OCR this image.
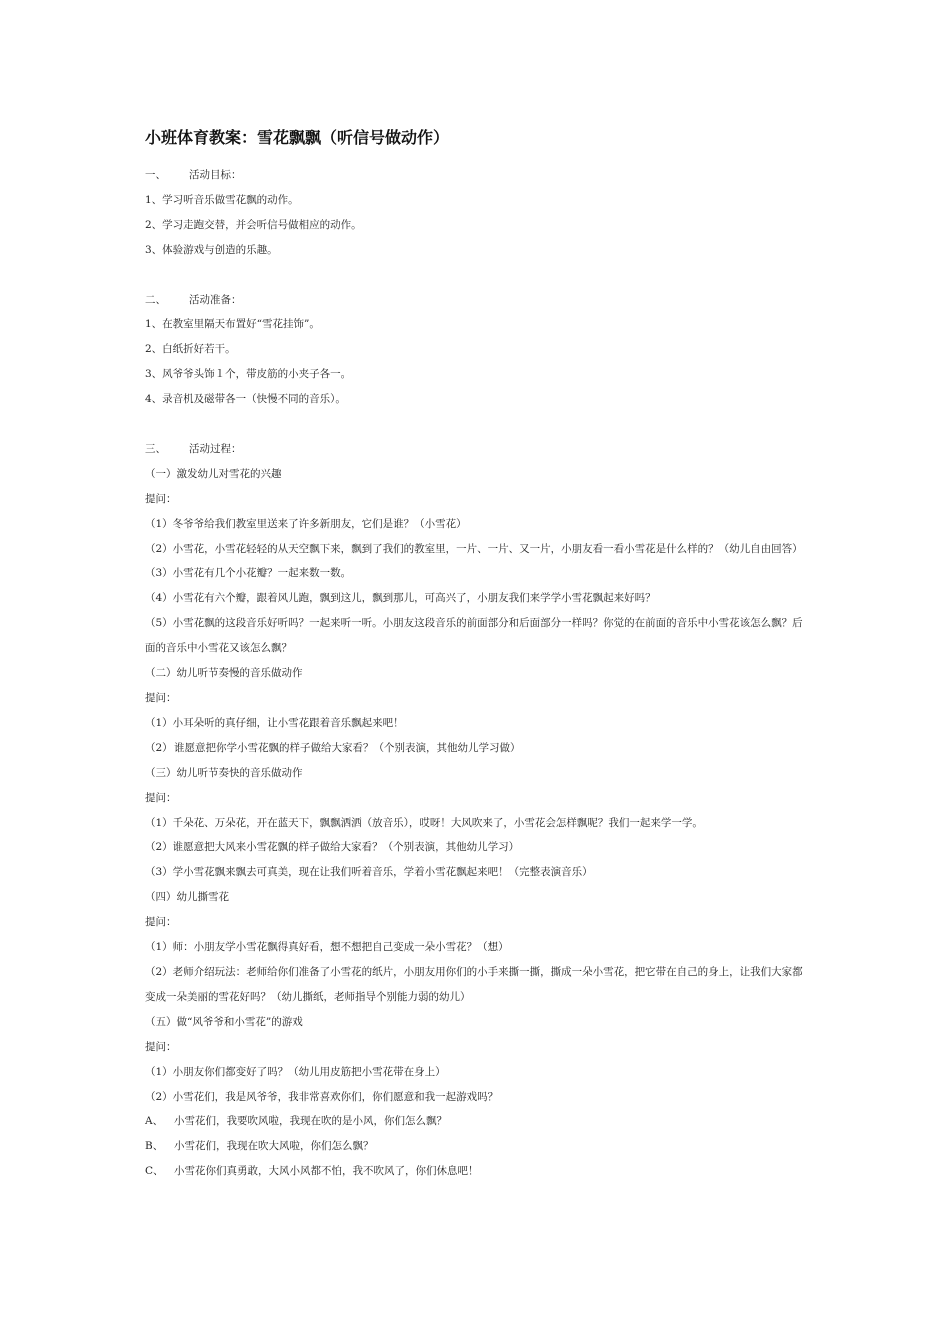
小班体育教案：雪花飘飘（听信号做动作）

一、 活动目标：

1、学习听音乐做雪花飘的动作。

2、学习走跑交替，并会听信号做相应的动作。

3、体验游戏与创造的乐趣。

二、 活动准备：

1、在教室里隔天布置好“雪花挂饰”。

2、白纸折好若干。

3、风爷爷头饰１个，带皮筋的小夹子各一。

4、录音机及磁带各一（快慢不同的音乐）。

三、 活动过程：

（一）激发幼儿对雪花的兴趣

提问：

（1）冬爷爷给我们教室里送来了许多新朋友，它们是谁？（小雪花）

（2）小雪花，小雪花轻轻的从天空飘下来，飘到了我们的教室里，一片、一片、又一片，小朋友看一看小雪花是什么样的？（幼儿自由回答）

（3）小雪花有几个小花瓣？一起来数一数。

（4）小雪花有六个瓣，跟着风儿跑，飘到这儿，飘到那儿，可高兴了，小朋友我们来学学小雪花飘起来好吗？

（5）小雪花飘的这段音乐好听吗？一起来听一听。小朋友这段音乐的前面部分和后面部分一样吗？你觉的在前面的音乐中小雪花该怎么飘？后面的音乐中小雪花又该怎么飘？

（二）幼儿听节奏慢的音乐做动作

提问：

（1）小耳朵听的真仔细，让小雪花跟着音乐飘起来吧！

（2）谁愿意把你学小雪花飘的样子做给大家看？（个别表演，其他幼儿学习做）

（三）幼儿听节奏快的音乐做动作

提问：

（1）千朵花、万朵花，开在蓝天下，飘飘洒洒（放音乐），哎呀！大风吹来了，小雪花会怎样飘呢？我们一起来学一学。

（2）谁愿意把大风来小雪花飘的样子做给大家看？（个别表演，其他幼儿学习）

（3）学小雪花飘来飘去可真美，现在让我们听着音乐，学着小雪花飘起来吧！（完整表演音乐）

（四）幼儿撕雪花

提问：

（1）师：小朋友学小雪花飘得真好看，想不想把自己变成一朵小雪花？（想）

（2）老师介绍玩法：老师给你们准备了小雪花的纸片，小朋友用你们的小手来撕一撕，撕成一朵小雪花，把它带在自己的身上，让我们大家都变成一朵美丽的雪花好吗？（幼儿撕纸，老师指导个别能力弱的幼儿）

（五）做“风爷爷和小雪花”的游戏

提问：

（1）小朋友你们都变好了吗？（幼儿用皮筋把小雪花带在身上）

（2）小雪花们，我是风爷爷，我非常喜欢你们，你们愿意和我一起游戏吗？

A、 小雪花们，我要吹风啦，我现在吹的是小风，你们怎么飘？

B、 小雪花们，我现在吹大风啦，你们怎么飘？

C、 小雪花你们真勇敢，大风小风都不怕，我不吹风了，你们休息吧！
